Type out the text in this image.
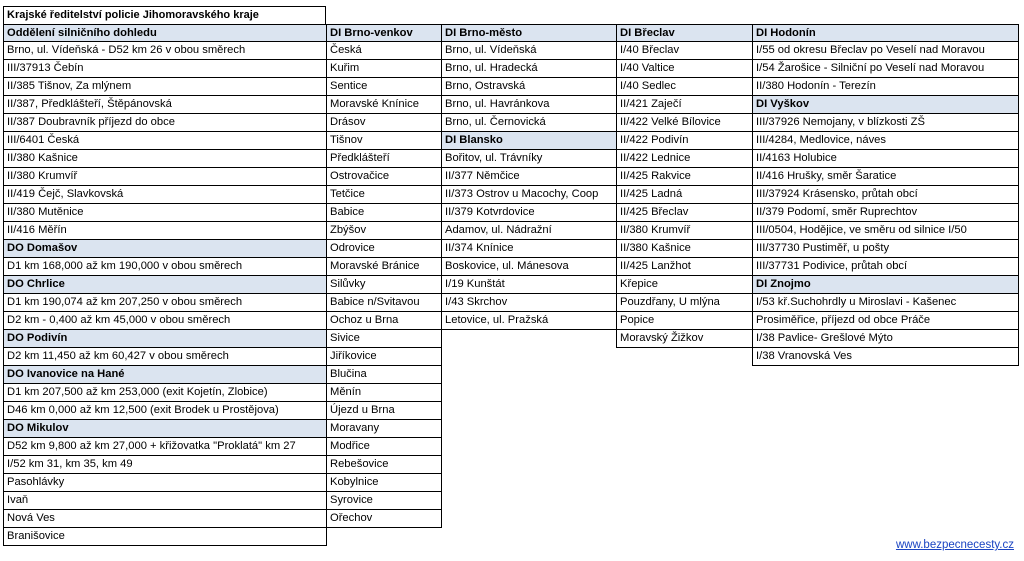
Krajské ředitelství policie Jihomoravského kraje
Oddělení silničního dohledu
Brno, ul. Vídeňská - D52 km 26 v obou směrech
III/37913 Čebín
II/385 Tišnov, Za mlýnem
II/387, Předklášteří, Štěpánovská
II/387 Doubravník příjezd do obce
III/6401 Česká
II/380 Kašnice
II/380 Krumvíř
II/419 Čejč, Slavkovská
II/380 Mutěnice
II/416 Měřín
DO Domašov
D1 km 168,000 až km 190,000 v obou směrech
DO Chrlice
D1 km 190,074 až km 207,250 v obou směrech
D2 km - 0,400 až km 45,000 v obou směrech
DO Podivín
D2 km 11,450 až km 60,427 v obou směrech
DO Ivanovice na Hané
D1 km 207,500 až km 253,000 (exit Kojetín, Zlobice)
D46 km 0,000 až km 12,500 (exit Brodek u Prostějova)
DO Mikulov
D52 km 9,800 až km 27,000 + křižovatka "Proklatá" km 27
I/52 km 31, km 35, km 49
Pasohlávky
Ivaň
Nová Ves
Branišovice
DI Brno-venkov
Česká
Kuřim
Sentice
Moravské Knínice
Drásov
Tišnov
Předklášteří
Ostrovačice
Tetčice
Babice
Zbýšov
Odrovice
Moravské Bránice
Silůvky
Babice n/Svitavou
Ochoz u Brna
Sivice
Jiříkovice
Blučina
Měnín
Újezd u Brna
Moravany
Modřice
Rebešovice
Kobylnice
Syrovice
Ořechov
DI Brno-město
Brno, ul. Vídeňská
Brno, ul. Hradecká
Brno, Ostravská
Brno, ul. Havránkova
Brno, ul. Černovická
DI Blansko
Bořitov, ul. Trávníky
II/377 Němčice
II/373 Ostrov u Macochy, Coop
II/379 Kotvrdovice
Adamov, ul. Nádražní
II/374 Knínice
Boskovice, ul. Mánesova
I/19 Kunštát
I/43 Skrchov
Letovice, ul. Pražská
DI Břeclav
I/40 Břeclav
I/40 Valtice
I/40 Sedlec
II/421 Zaječí
II/422 Velké Bílovice
II/422 Podivín
II/422 Lednice
II/425 Rakvice
II/425 Ladná
II/425 Břeclav
II/380 Krumvíř
II/380 Kašnice
II/425 Lanžhot
Křepice
Pouzdřany, U mlýna
Popice
Moravský Žižkov
DI Hodonín
I/55 od okresu Břeclav po Veselí nad Moravou
I/54 Žarošice - Silniční po Veselí nad Moravou
II/380 Hodonín - Terezín
DI Vyškov
III/37926 Nemojany, v blízkosti ZŠ
III/4284, Medlovice, náves
II/4163 Holubice
II/416 Hrušky, směr Šaratice
III/37924 Krásensko, průtah obcí
II/379 Podomí, směr Ruprechtov
III/0504, Hodějice, ve směru od silnice I/50
III/37730 Pustiměř, u pošty
III/37731 Podivice, průtah obcí
DI Znojmo
I/53 kř.Suchohrdly u Miroslavi - Kašenec
Prosiměřice, příjezd od obce Práče
I/38 Pavlice- Grešlové Mýto
I/38 Vranovská Ves
www.bezpecnecesty.cz
